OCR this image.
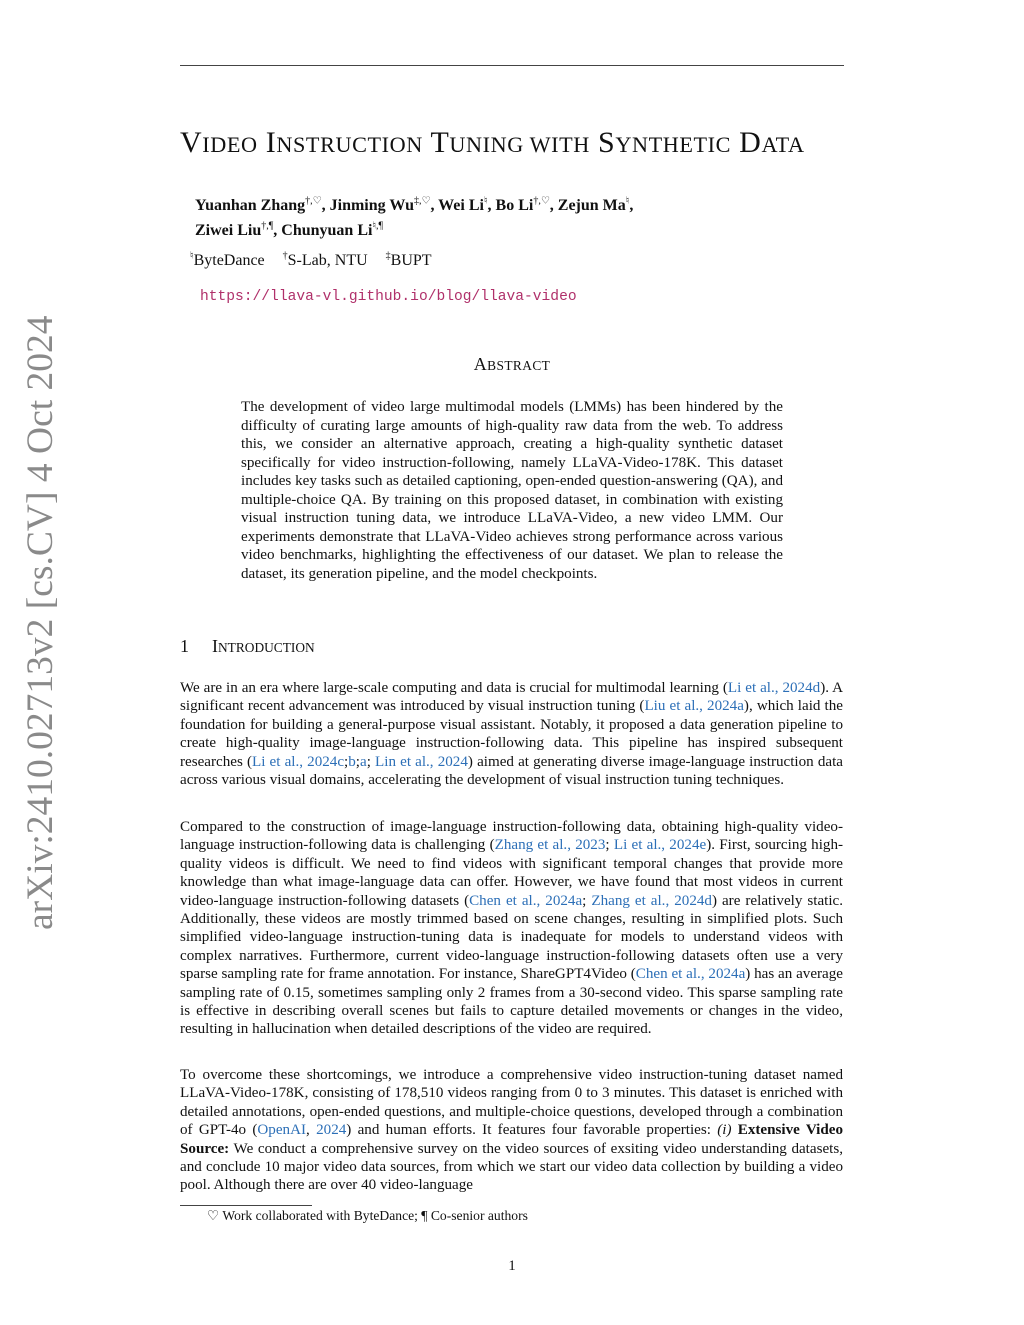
arXiv:2410.02713v2 [cs.CV] 4 Oct 2024
VIDEO INSTRUCTION TUNING WITH SYNTHETIC DATA
Yuanhan Zhang†,♡, Jinming Wu‡,♡, Wei Li♮, Bo Li†,♡, Zejun Ma♮,
Ziwei Liu†,¶, Chunyuan Li♮,¶
♮ByteDance †S-Lab, NTU ‡BUPT
https://llava-vl.github.io/blog/llava-video
ABSTRACT

The development of video large multimodal models (LMMs) has been hindered by the difficulty of curating large amounts of high-quality raw data from the web. To address this, we consider an alternative approach, creating a high-quality synthetic dataset specifically for video instruction-following, namely LLaVA-Video-178K. This dataset includes key tasks such as detailed captioning, open-ended question-answering (QA), and multiple-choice QA. By training on this proposed dataset, in combination with existing visual instruction tuning data, we introduce LLaVA-Video, a new video LMM. Our experiments demonstrate that LLaVA-Video achieves strong performance across various video benchmarks, highlighting the effectiveness of our dataset. We plan to release the dataset, its generation pipeline, and the model checkpoints.

1 INTRODUCTION

We are in an era where large-scale computing and data is crucial for multimodal learning (Li et al., 2024d). A significant recent advancement was introduced by visual instruction tuning (Liu et al., 2024a), which laid the foundation for building a general-purpose visual assistant. Notably, it proposed a data generation pipeline to create high-quality image-language instruction-following data. This pipeline has inspired subsequent researches (Li et al., 2024c;b;a; Lin et al., 2024) aimed at generating diverse image-language instruction data across various visual domains, accelerating the development of visual instruction tuning techniques.

Compared to the construction of image-language instruction-following data, obtaining high-quality video-language instruction-following data is challenging (Zhang et al., 2023; Li et al., 2024e). First, sourcing high-quality videos is difficult. We need to find videos with significant temporal changes that provide more knowledge than what image-language data can offer. However, we have found that most videos in current video-language instruction-following datasets (Chen et al., 2024a; Zhang et al., 2024d) are relatively static. Additionally, these videos are mostly trimmed based on scene changes, resulting in simplified plots. Such simplified video-language instruction-tuning data is inadequate for models to understand videos with complex narratives. Furthermore, current video-language instruction-following datasets often use a very sparse sampling rate for frame annotation. For instance, ShareGPT4Video (Chen et al., 2024a) has an average sampling rate of 0.15, sometimes sampling only 2 frames from a 30-second video. This sparse sampling rate is effective in describing overall scenes but fails to capture detailed movements or changes in the video, resulting in hallucination when detailed descriptions of the video are required.

To overcome these shortcomings, we introduce a comprehensive video instruction-tuning dataset named LLaVA-Video-178K, consisting of 178,510 videos ranging from 0 to 3 minutes. This dataset is enriched with detailed annotations, open-ended questions, and multiple-choice questions, developed through a combination of GPT-4o (OpenAI, 2024) and human efforts. It features four favorable properties: (i) Extensive Video Source: We conduct a comprehensive survey on the video sources of exsiting video understanding datasets, and conclude 10 major video data sources, from which we start our video data collection by building a video pool. Although there are over 40 video-language

♡ Work collaborated with ByteDance; ¶ Co-senior authors
1
